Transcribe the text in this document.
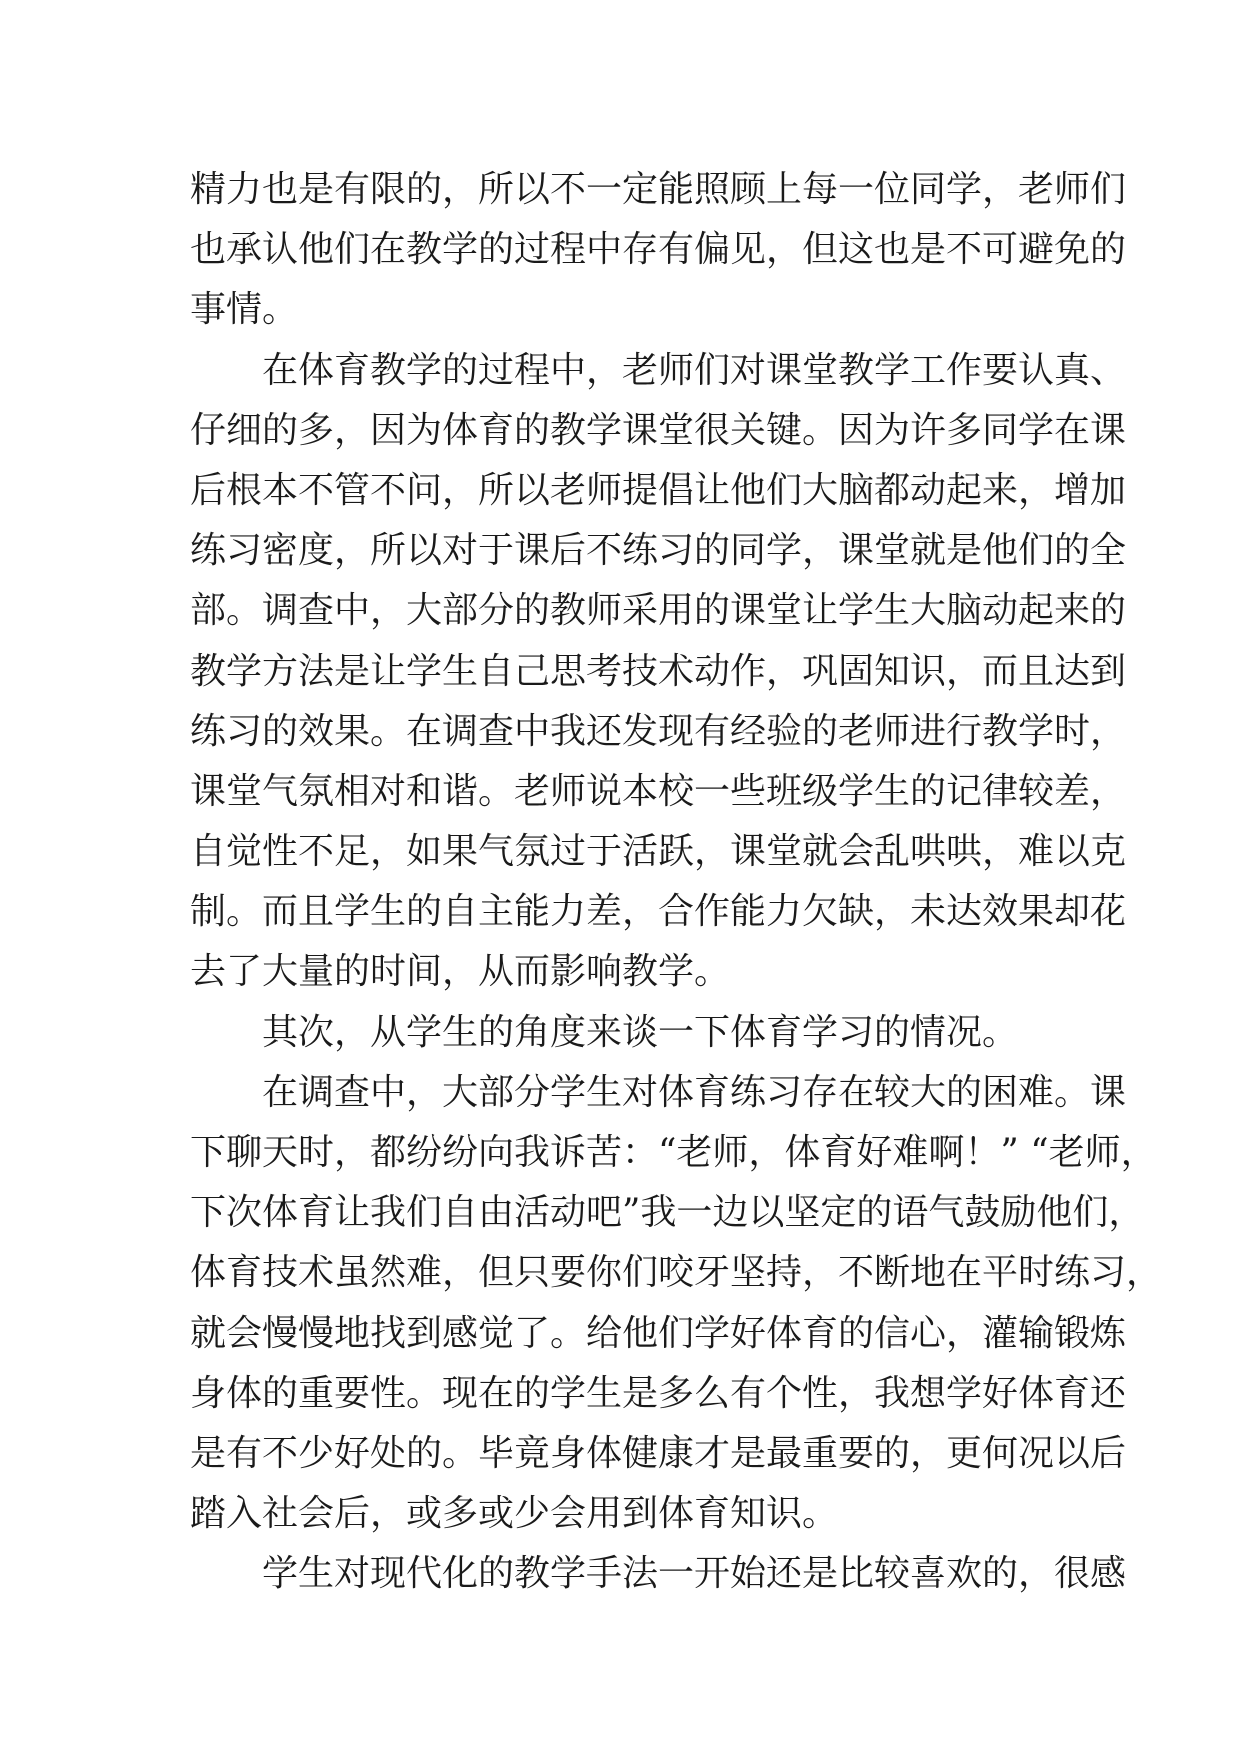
精力也是有限的，所以不一定能照顾上每一位同学，老师们
也承认他们在教学的过程中存有偏见，但这也是不可避免的
事情。
在体育教学的过程中，老师们对课堂教学工作要认真、
仔细的多，因为体育的教学课堂很关键。因为许多同学在课
后根本不管不问，所以老师提倡让他们大脑都动起来，增加
练习密度，所以对于课后不练习的同学，课堂就是他们的全
部。调查中，大部分的教师采用的课堂让学生大脑动起来的
教学方法是让学生自己思考技术动作，巩固知识，而且达到
练习的效果。在调查中我还发现有经验的老师进行教学时，
课堂气氛相对和谐。老师说本校一些班级学生的记律较差，
自觉性不足，如果气氛过于活跃，课堂就会乱哄哄，难以克
制。而且学生的自主能力差，合作能力欠缺，未达效果却花
去了大量的时间，从而影响教学。
其次，从学生的角度来谈一下体育学习的情况。
在调查中，大部分学生对体育练习存在较大的困难。课
下聊天时，都纷纷向我诉苦：“老师，体育好难啊！” “老师，
下次体育让我们自由活动吧”我一边以坚定的语气鼓励他们，
体育技术虽然难，但只要你们咬牙坚持，不断地在平时练习，
就会慢慢地找到感觉了。给他们学好体育的信心，灌输锻炼
身体的重要性。现在的学生是多么有个性，我想学好体育还
是有不少好处的。毕竟身体健康才是最重要的，更何况以后
踏入社会后，或多或少会用到体育知识。
学生对现代化的教学手法一开始还是比较喜欢的，很感
